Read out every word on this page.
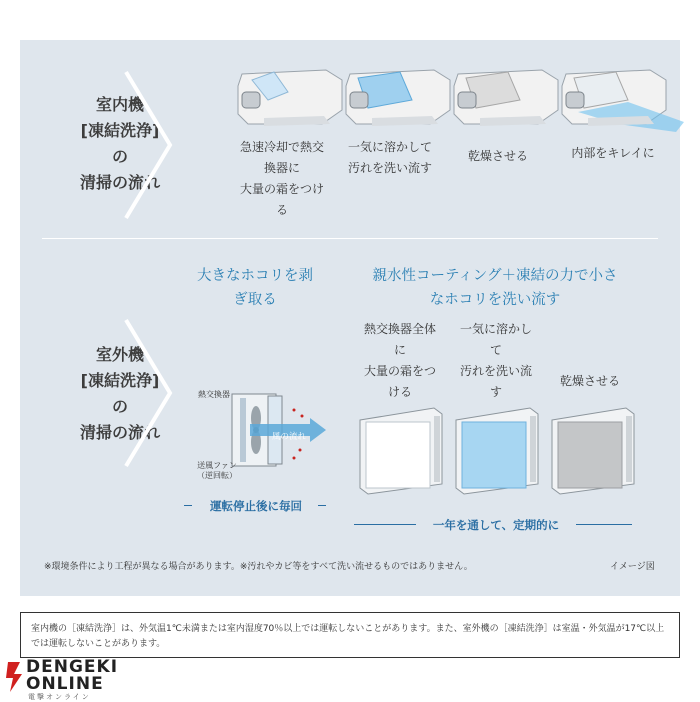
室内機
[凍結洗浄]
の
清掃の流れ
急速冷却で熱交
換器に
大量の霜をつけ
る
一気に溶かして
汚れを洗い流す
乾燥させる	内部をキレイに
室外機
[凍結洗浄]
の
清掃の流れ
大きなホコリを剥
ぎ取る
親水性コーティング＋凍結の力で小さ
なホコリを洗い流す
熱交換器全体
に
大量の霜をつ
ける
一気に溶かし
て
汚れを洗い流
す
乾燥させる
熱交換器
送風ファン
（逆回転）
風の流れ
運転停止後に毎回
一年を通して、定期的に
※環境条件により工程が異なる場合があります。※汚れやカビ等をすべて洗い流せるものではありません。	イメージ図
室内機の［凍結洗浄］は、外気温1℃未満または室内湿度70％以上では運転しないことがあります。また、室外機の［凍結洗浄］は室温・外気温が17℃以上では運転しないことがあります。
DENGEKI
ONLINE
電撃オンライン
